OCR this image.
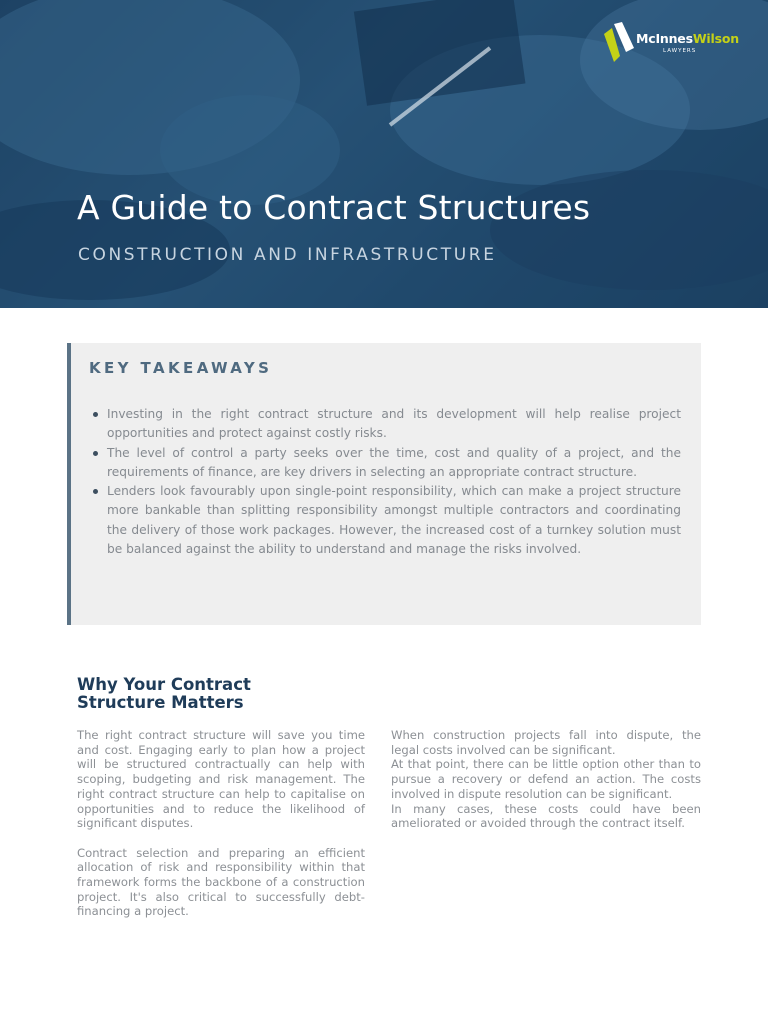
McInnesWilson
LAWYERS
A Guide to Contract Structures
CONSTRUCTION AND INFRASTRUCTURE
KEY TAKEAWAYS
Investing in the right contract structure and its development will help realise project opportunities and protect against costly risks.
The level of control a party seeks over the time, cost and quality of a project, and the requirements of finance, are key drivers in selecting an appropriate contract structure.
Lenders look favourably upon single-point responsibility, which can make a project structure more bankable than splitting responsibility amongst multiple contractors and coordinating the delivery of those work packages. However, the increased cost of a turnkey solution must be balanced against the ability to understand and manage the risks involved.
Why Your Contract Structure Matters

The right contract structure will save you time and cost. Engaging early to plan how a project will be structured contractually can help with scoping, budgeting and risk management. The right contract structure can help to capitalise on opportunities and to reduce the likelihood of significant disputes.

Contract selection and preparing an efficient allocation of risk and responsibility within that framework forms the backbone of a construction project. It's also critical to successfully debt-financing a project.

When construction projects fall into dispute, the legal costs involved can be significant.

At that point, there can be little option other than to pursue a recovery or defend an action. The costs involved in dispute resolution can be significant.

In many cases, these costs could have been ameliorated or avoided through the contract itself.
